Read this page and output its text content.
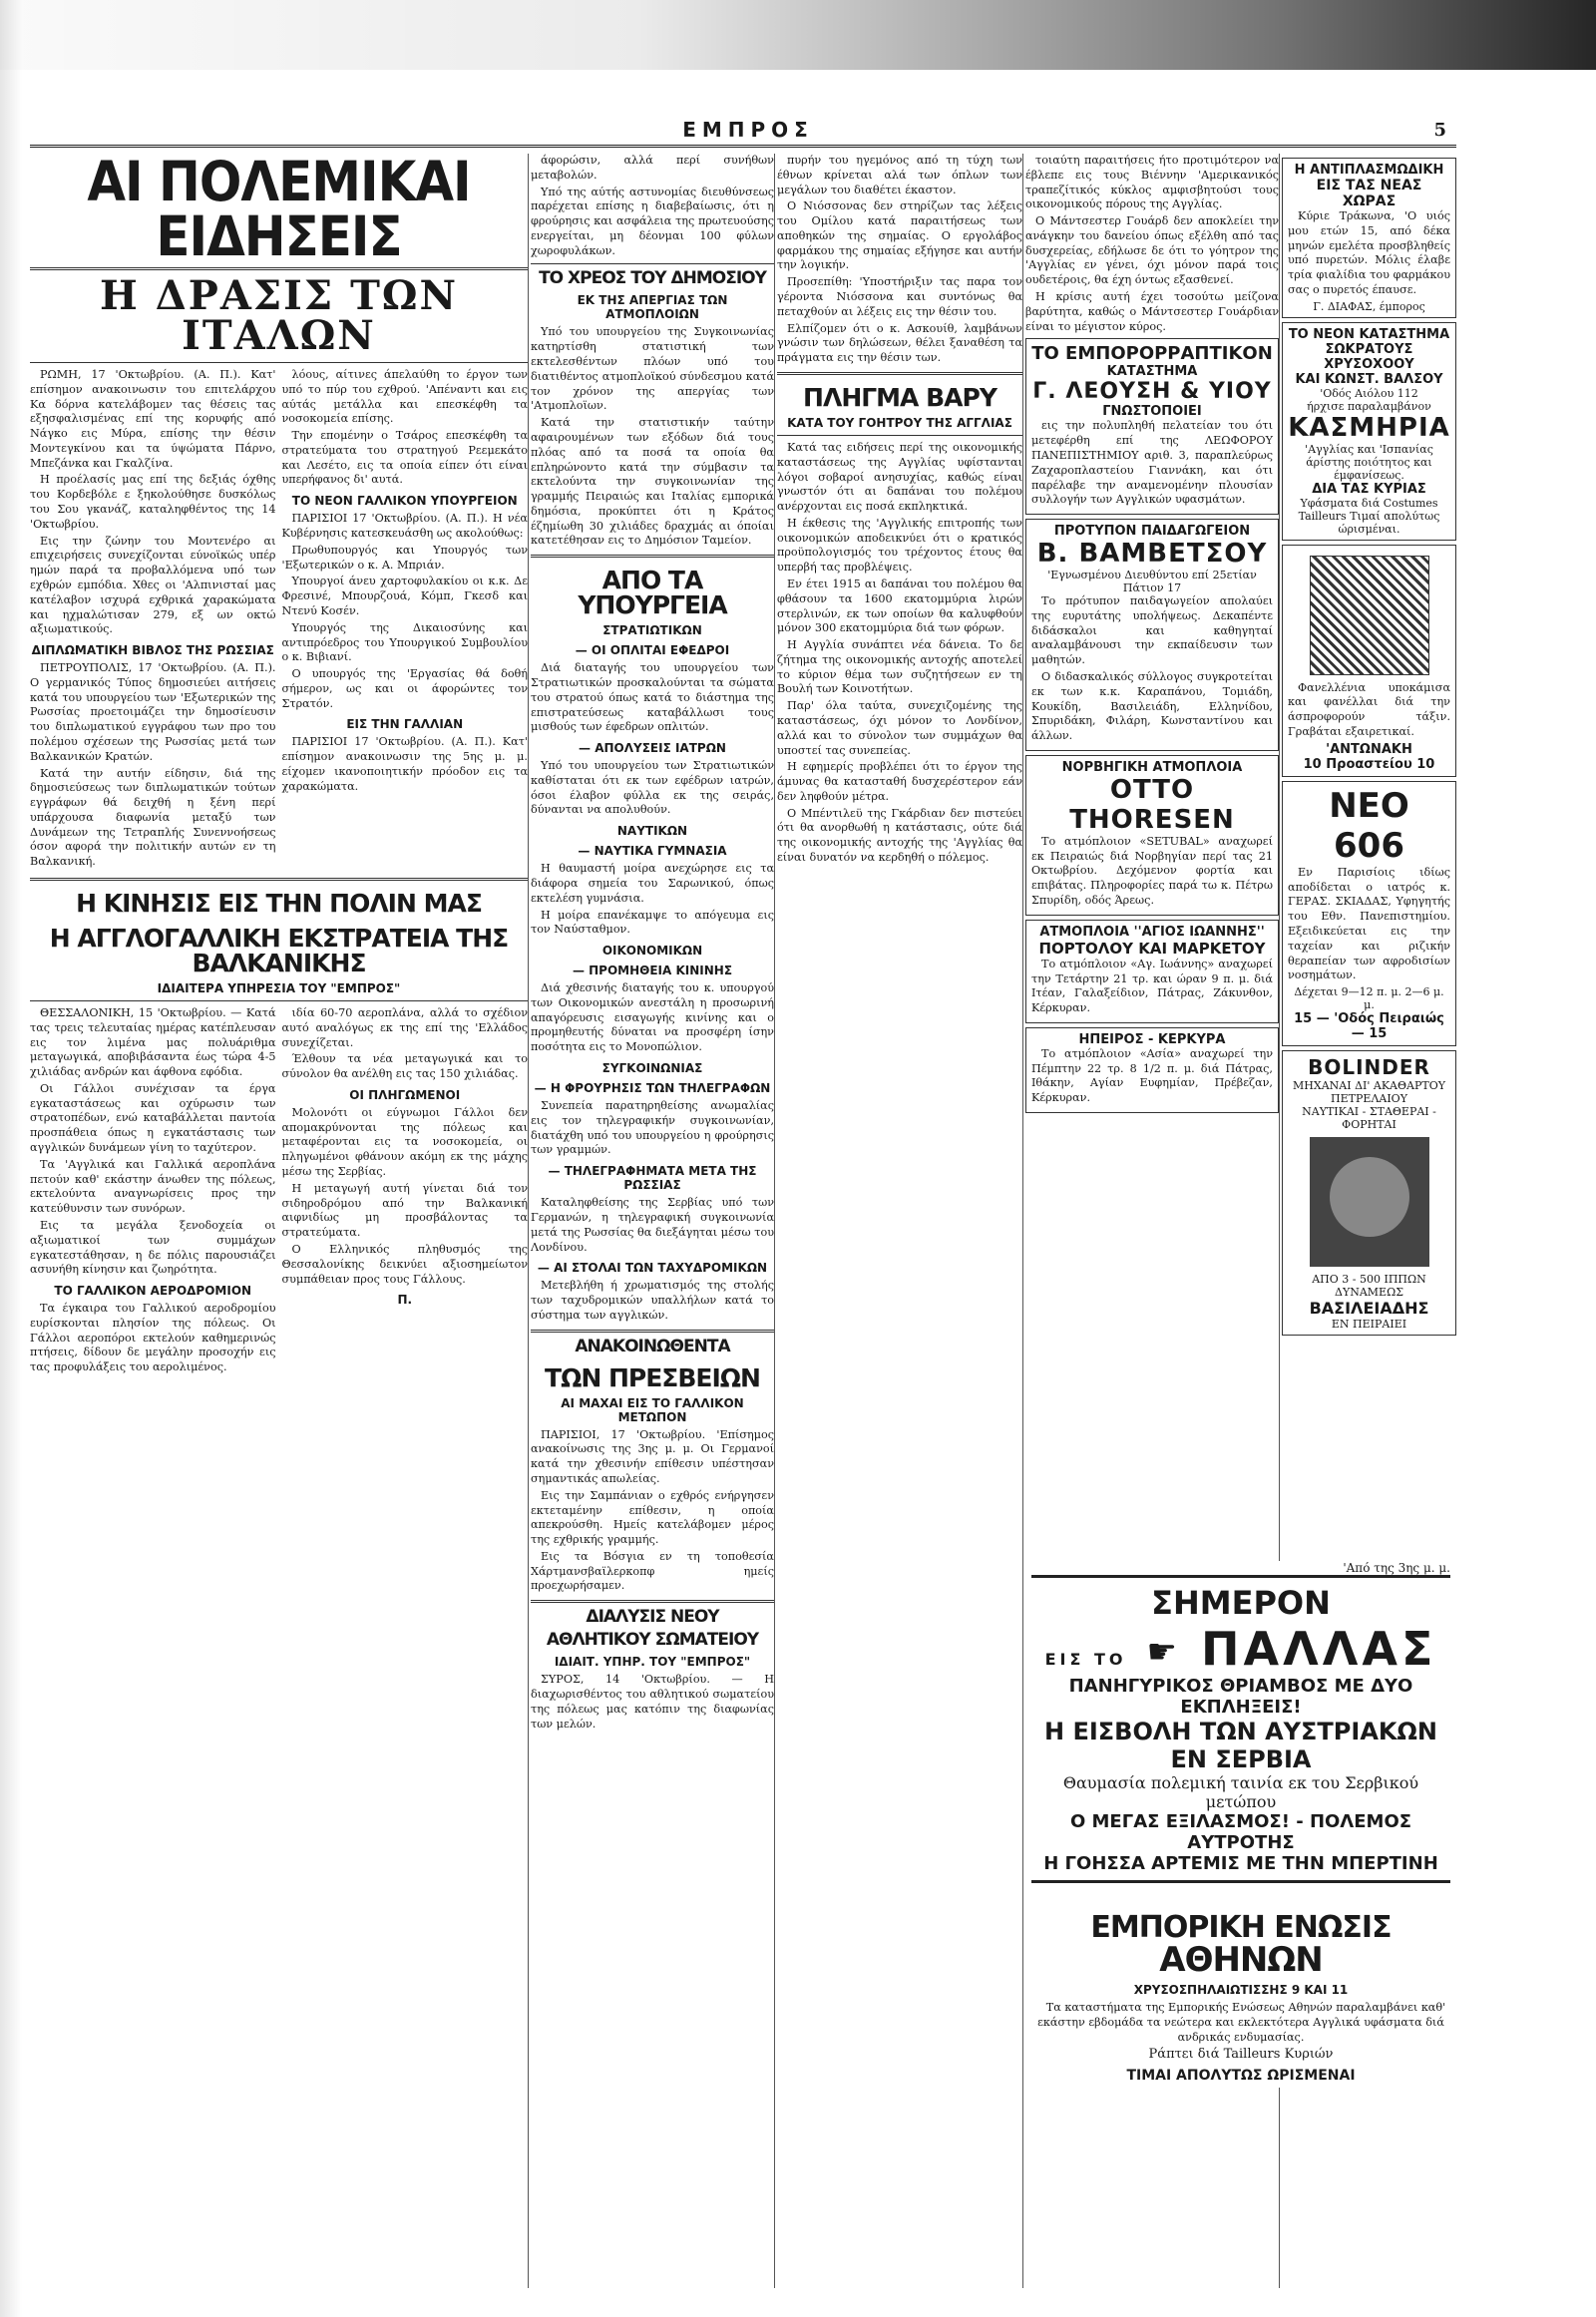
ΕΜΠΡΟΣ	5
ΑΙ ΠΟΛΕΜΙΚΑΙ ΕΙΔΗΣΕΙΣ
Η ΔΡΑΣΙΣ ΤΩΝ ΙΤΑΛΩΝ

ΡΩΜΗ, 17 'Οκτωβρίου. (Α. Π.). Κατ' επίσημον ανακοινωσιν του επιτελάρχου Κα δόρνα κατελάβομεν τας θέσεις τας εξησφαλισμένας επί της κορυφής από Νάγκο εις Μύρα, επίσης την θέσιν Μοντεγκίνου και τα ύψώματα Πάρνο, Μπεζάνκα και Γκαλζίνα.

Η προέλασίς μας επί της δεξιάς όχθης του Κορδεβόλε ε ξηκολούθησε δυσκόλως του Σου γκανάζ, καταληφθέντος της 14 'Οκτωβρίου.

Εις την ζώνην του Μοντενέρο αι επιχειρήσεις συνεχίζονται εύνοϊκώς υπέρ ημών παρά τα προβαλλόμενα υπό των εχθρών εμπόδια. Χθες οι 'Αλπινισταί μας κατέλαβον ισχυρά εχθρικά χαρακώματα και ηχμαλώτισαν 279, εξ ων οκτώ αξιωματικούς.

ΔΙΠΛΩΜΑΤΙΚΗ ΒΙΒΛΟΣ ΤΗΣ ΡΩΣΣΙΑΣ

ΠΕΤΡΟΥΠΟΛΙΣ, 17 'Οκτωβρίου. (Α. Π.). Ο γερμανικός Τύπος δημοσιεύει αιτήσεις κατά του υπουργείου των 'Εξωτερικών της Ρωσσίας προετοιμάζει την δημοσίευσιν του διπλωματικού εγγράφου των προ του πολέμου σχέσεων της Ρωσσίας μετά των Βαλκανικών Κρατών.

Κατά την αυτήν είδησιν, διά της δημοσιεύσεως των διπλωματικών τούτων εγγράφων θά δειχθή η ξένη περί υπάρχουσα διαφωνία μεταξύ των Δυνάμεων της Τετραπλής Συνεννοήσεως όσον αφορά την πολιτικήν αυτών εν τη Βαλκανική.

λόους, αίτινες άπελαύθη το έργον των υπό το πύρ του εχθρού. 'Απέναντι και εις αύτάς μετάλλα και επεσκέφθη τα νοσοκομεία επίσης.

Την επομένην ο Τσάρος επεσκέφθη τα στρατεύματα του στρατηγού Ρεεμεκάτο και Λεσέτο, εις τα οποία είπεν ότι είναι υπερήφανος δι' αυτά.

ΤΟ ΝΕΟΝ ΓΑΛΛΙΚΟΝ ΥΠΟΥΡΓΕΙΟΝ

ΠΑΡΙΣΙΟΙ 17 'Οκτωβρίου. (Α. Π.). Η νέα Κυβέρνησις κατεσκευάσθη ως ακολούθως:

Πρωθυπουργός και Υπουργός των 'Εξωτερικών ο κ. Α. Μπριάν.

Υπουργοί άνευ χαρτοφυλακίου οι κ.κ. Δε Φρεσινέ, Μπουρζουά, Κόμπ, Γκεσδ και Ντενύ Κοσέν.

Υπουργός της Δικαιοσύνης και αντιπρόεδρος του Υπουργικού Συμβουλίου ο κ. Βιβιανί.

Ο υπουργός της 'Εργασίας θά δοθή σήμερον, ως και οι άφορώντες τον Στρατόν.

ΕΙΣ ΤΗΝ ΓΑΛΛΙΑΝ

ΠΑΡΙΣΙΟΙ 17 'Οκτωβρίου. (Α. Π.). Κατ' επίσημον ανακοινωσιν της 5ης μ. μ. είχομεν ικανοποιητικήν πρόοδον εις τα χαρακώματα.

Η ΚΙΝΗΣΙΣ ΕΙΣ ΤΗΝ ΠΟΛΙΝ ΜΑΣ
Η ΑΓΓΛΟΓΑΛΛΙΚΗ ΕΚΣΤΡΑΤΕΙΑ ΤΗΣ ΒΑΛΚΑΝΙΚΗΣ
ΙΔΙΑΙΤΕΡΑ ΥΠΗΡΕΣΙΑ ΤΟΥ "ΕΜΠΡΟΣ"

ΘΕΣΣΑΛΟΝΙΚΗ, 15 'Οκτωβρίου. — Κατά τας τρεις τελευταίας ημέρας κατέπλευσαν εις τον λιμένα μας πολυάριθμα μεταγωγικά, αποβιβάσαντα έως τώρα 4-5 χιλιάδας ανδρών και άφθονα εφόδια.

Οι Γάλλοι συνέχισαν τα έργα εγκαταστάσεως και οχύρωσιν των στρατοπέδων, ενώ καταβάλλεται παντοία προσπάθεια όπως η εγκατάστασις των αγγλικών δυνάμεων γίνη το ταχύτερον.

Τα 'Αγγλικά και Γαλλικά αεροπλάνα πετούν καθ' εκάστην άνωθεν της πόλεως, εκτελούντα αναγνωρίσεις προς την κατεύθυνσιν των συνόρων.

Εις τα μεγάλα ξενοδοχεία οι αξιωματικοί των συμμάχων εγκατεστάθησαν, η δε πόλις παρουσιάζει ασυνήθη κίνησιν και ζωηρότητα.

ΤΟ ΓΑΛΛΙΚΟΝ ΑΕΡΟΔΡΟΜΙΟΝ

Τα έγκαιρα του Γαλλικού αεροδρομίου ευρίσκονται πλησίον της πόλεως. Οι Γάλλοι αεροπόροι εκτελούν καθημερινώς πτήσεις, δίδουν δε μεγάλην προσοχήν εις τας προφυλάξεις του αερολιμένος.

ιδία 60-70 αεροπλάνα, αλλά το σχέδιον αυτό αναλόγως εκ της επί της 'Ελλάδος συνεχίζεται.

Έλθουν τα νέα μεταγωγικά και το σύνολον θα ανέλθη εις τας 150 χιλιάδας.

ΟΙ ΠΛΗΓΩΜΕΝΟΙ

Μολονότι οι εύγνωμοι Γάλλοι δεν απομακρύνονται της πόλεως και μεταφέρονται εις τα νοσοκομεία, οι πληγωμένοι φθάνουν ακόμη εκ της μάχης μέσω της Σερβίας.

Η μεταγωγή αυτή γίνεται διά τον σιδηροδρόμου από την Βαλκανική αιφνιδίως μη προσβάλοντας τα στρατεύματα.

Ο Ελληνικός πληθυσμός της Θεσσαλονίκης δεικνύει αξιοσημείωτον συμπάθειαν προς τους Γάλλους.

Π.

άφορώσιν, αλλά περί συνήθων μεταβολών.

Υπό της αύτής αστυνομίας διευθύνσεως παρέχεται επίσης η διαβεβαίωσις, ότι η φρούρησις και ασφάλεια της πρωτευούσης ενεργείται, μη δέονμαι 100 φύλων χωροφυλάκων.

ΤΟ ΧΡΕΟΣ ΤΟΥ ΔΗΜΟΣΙΟΥ
ΕΚ ΤΗΣ ΑΠΕΡΓΙΑΣ ΤΩΝ ΑΤΜΟΠΛΟΙΩΝ

Υπό του υπουργείου της Συγκοινωνίας κατηρτίσθη στατιστική των εκτελεσθέντων πλόων υπό του διατιθέντος ατμοπλοϊκού σύνδεσμου κατά τον χρόνον της απεργίας των 'Ατμοπλοϊων.

Κατά την στατιστικήν ταύτην αφαιρουμένων των εξόδων διά τους πλόας από τα ποσά τα οποία θα επληρώνοντο κατά την σύμβασιν τα εκτελούντα την συγκοινωνίαν της γραμμής Πειραιώς και Ιταλίας εμπορικά δημόσια, προκύπτει ότι η Κράτος έζημίωθη 30 χιλιάδες δραχμάς αι όποίαι κατετέθησαν εις το Δημόσιον Ταμείον.

ΑΠΟ ΤΑ ΥΠΟΥΡΓΕΙΑ
ΣΤΡΑΤΙΩΤΙΚΩΝ
— ΟΙ ΟΠΛΙΤΑΙ ΕΦΕΔΡΟΙ

Διά διαταγής του υπουργείου των Στρατιωτικών προσκαλούνται τα σώματα του στρατού όπως κατά το διάστημα της επιστρατεύσεως καταβάλλωσι τους μισθούς των έφεδρων οπλιτών.

— ΑΠΟΛΥΣΕΙΣ ΙΑΤΡΩΝ

Υπό του υπουργείου των Στρατιωτικών καθίσταται ότι εκ των εφέδρων ιατρών, όσοι έλαβον φύλλα εκ της σειράς, δύνανται να απολυθούν.

ΝΑΥΤΙΚΩΝ
— ΝΑΥΤΙΚΑ ΓΥΜΝΑΣΙΑ

Η θαυμαστή μοίρα ανεχώρησε εις τα διάφορα σημεία του Σαρωνικού, όπως εκτελέση γυμνάσια.

Η μοίρα επανέκαμψε το απόγευμα εις τον Ναύσταθμον.

ΟΙΚΟΝΟΜΙΚΩΝ
— ΠΡΟΜΗΘΕΙΑ ΚΙΝΙΝΗΣ

Διά χθεσινής διαταγής του κ. υπουργού των Οικονομικών ανεστάλη η προσωρινή απαγόρευσις εισαγωγής κινίνης και ο προμηθευτής δύναται να προσφέρη ίσην ποσότητα εις το Μονοπώλιον.

ΣΥΓΚΟΙΝΩΝΙΑΣ
— Η ΦΡΟΥΡΗΣΙΣ ΤΩΝ ΤΗΛΕΓΡΑΦΩΝ

Συνεπεία παρατηρηθείσης ανωμαλίας εις τον τηλεγραφικήν συγκοινωνίαν, διατάχθη υπό του υπουργείου η φρούρησις των γραμμών.

— ΤΗΛΕΓΡΑΦΗΜΑΤΑ ΜΕΤΑ ΤΗΣ ΡΩΣΣΙΑΣ

Καταληφθείσης της Σερβίας υπό των Γερμανών, η τηλεγραφική συγκοινωνία μετά της Ρωσσίας θα διεξάγηται μέσω του Λονδίνου.

— ΑΙ ΣΤΟΛΑΙ ΤΩΝ ΤΑΧΥΔΡΟΜΙΚΩΝ

Μετεβλήθη ή χρωματισμός της στολής των ταχυδρομικών υπαλλήλων κατά το σύστημα των αγγλικών.

ΑΝΑΚΟΙΝΩΘΕΝΤΑ
ΤΩΝ ΠΡΕΣΒΕΙΩΝ
ΑΙ ΜΑΧΑΙ ΕΙΣ ΤΟ ΓΑΛΛΙΚΟΝ ΜΕΤΩΠΟΝ

ΠΑΡΙΣΙΟΙ, 17 'Οκτωβρίου. 'Επίσημος ανακοίνωσις της 3ης μ. μ. Οι Γερμανοί κατά την χθεσινήν επίθεσιν υπέστησαν σημαντικάς απωλείας.

Εις την Σαμπάνιαν ο εχθρός ενήργησεν εκτεταμένην επίθεσιν, η οποία απεκρούσθη. Ημείς κατελάβομεν μέρος της εχθρικής γραμμής.

Εις τα Βόσγια εν τη τοποθεσία Χάρτμανσβαϊλερκοπφ ημείς προεχωρήσαμεν.

ΔΙΑΛΥΣΙΣ ΝΕΟΥ
ΑΘΛΗΤΙΚΟΥ ΣΩΜΑΤΕΙΟΥ
ΙΔΙΑΙΤ. ΥΠΗΡ. ΤΟΥ "ΕΜΠΡΟΣ"

ΣΥΡΟΣ, 14 'Οκτωβρίου. — Η διαχωρισθέντος του αθλητικού σωματείου της πόλεως μας κατόπιν της διαφωνίας των μελών.

πυρήν του ηγεμόνος από τη τύχη των έθνων κρίνεται αλά των όπλων των μεγάλων του διαθέτει έκαστον.

Ο Νιόσσονας δεν στηρίζων τας λέξεις του Ομίλου κατά παραιτήσεως των αποθηκών της σημαίας. Ο εργολάβος φαρμάκου της σημαίας εξήγησε και αυτήν την λογικήν.

Προσεπίθη: 'Υποστήριξιν τας παρα τον γέροντα Νιόσσονα και συντόνως θα πεταχθούν αι λέξεις εις την θέσιν του.

Ελπίζομεν ότι ο κ. Ασκουίθ, λαμβάνων γνώσιν των δηλώσεων, θέλει ξαναθέση τα πράγματα εις την θέσιν των.

ΠΛΗΓΜΑ ΒΑΡΥ
ΚΑΤΑ ΤΟΥ ΓΟΗΤΡΟΥ ΤΗΣ ΑΓΓΛΙΑΣ

Κατά τας ειδήσεις περί της οικονομικής καταστάσεως της Αγγλίας υφίστανται λόγοι σοβαροί ανησυχίας, καθώς είναι γνωστόν ότι αι δαπάναι του πολέμου ανέρχονται εις ποσά εκπληκτικά.

Η έκθεσις της 'Αγγλικής επιτροπής των οικονομικών αποδεικνύει ότι ο κρατικός προϋπολογισμός του τρέχοντος έτους θα υπερβή τας προβλέψεις.

Εν έτει 1915 αι δαπάναι του πολέμου θα φθάσουν τα 1600 εκατομμύρια λιρών στερλινών, εκ των οποίων θα καλυφθούν μόνον 300 εκατομμύρια διά των φόρων.

Η Αγγλία συνάπτει νέα δάνεια. Το δε ζήτημα της οικονομικής αντοχής αποτελεί το κύριον θέμα των συζητήσεων εν τη Βουλή των Κοινοτήτων.

Παρ' όλα ταύτα, συνεχιζομένης της καταστάσεως, όχι μόνον το Λονδίνον, αλλά και το σύνολον των συμμάχων θα υποστεί τας συνεπείας.

Η εφημερίς προβλέπει ότι το έργον της άμυνας θα κατασταθή δυσχερέστερον εάν δεν ληφθούν μέτρα.

Ο Μπέντιλεϋ της Γκάρδιαν δεν πιστεύει ότι θα ανορθωθή η κατάστασις, ούτε διά της οικονομικής αντοχής της 'Αγγλίας θα είναι δυνατόν να κερδηθή ο πόλεμος.

τοιαύτη παραιτήσεις ήτο προτιμότερον να έβλεπε εις τους Βιέννην 'Αμερικανικός τραπεζίτικός κύκλος αμφισβητούσι τους οικονομικούς πόρους της Αγγλίας.

Ο Μάντσεστερ Γουάρδ δεν αποκλείει την ανάγκην του δανείου όπως εξέλθη από τας δυσχερείας, εδήλωσε δε ότι το γόητρον της 'Αγγλίας εν γένει, όχι μόνον παρά τοις ουδετέροις, θα έχη όντως εξασθενεί.

Η κρίσις αυτή έχει τοσούτω μείζονα βαρύτητα, καθώς ο Μάντσεστερ Γουάρδιαν είναι το μέγιστον κύρος.

ΤΟ ΕΜΠΟΡΟΡΡΑΠΤΙΚΟΝ
ΚΑΤΑΣΤΗΜΑ
Γ. ΛΕΟΥΣΗ & ΥΙΟΥ
ΓΝΩΣΤΟΠΟΙΕΙ

εις την πολυπληθή πελατείαν του ότι μετεφέρθη επί της ΛΕΩΦΟΡΟΥ ΠΑΝΕΠΙΣΤΗΜΙΟΥ αριθ. 3, παραπλεύρως Ζαχαροπλαστείου Γιαννάκη, και ότι παρέλαβε την αναμενομένην πλουσίαν συλλογήν των Αγγλικών υφασμάτων.

ΠΡΟΤΥΠΟΝ ΠΑΙΔΑΓΩΓΕΙΟΝ
Β. ΒΑΜΒΕΤΣΟΥ
'Εγνωσμένου Διευθύντου επί 25ετίαν
Πάτιον 17

Το πρότυπον παιδαγωγείον απολαύει της ευρυτάτης υπολήψεως. Δεκαπέντε διδάσκαλοι και καθηγηταί αναλαμβάνουσι την εκπαίδευσιν των μαθητών.

Ο διδασκαλικός σύλλογος συγκροτείται εκ των κ.κ. Καραπάνου, Τομιάδη, Κουκίδη, Βασιλειάδη, Ελληνίδου, Σπυριδάκη, Φιλάρη, Κωνσταντίνου και άλλων.

ΝΟΡΒΗΓΙΚΗ ΑΤΜΟΠΛΟΙΑ
OTTO THORESEN

Το ατμόπλοιον «SETUBAL» αναχωρεί εκ Πειραιώς διά Νορβηγίαν περί τας 21 Οκτωβρίου. Δεχόμενον φορτία και επιβάτας. Πληροφορίες παρά τω κ. Πέτρω Σπυρίδη, οδός Άρεως.

ΑΤΜΟΠΛΟΙΑ ''ΑΓΙΟΣ ΙΩΑΝΝΗΣ''
ΠΟΡΤΟΛΟΥ ΚΑΙ ΜΑΡΚΕΤΟΥ

Το ατμόπλοιον «Αγ. Ιωάννης» αναχωρεί την Τετάρτην 21 τρ. και ώραν 9 π. μ. διά Ιτέαν, Γαλαξείδιον, Πάτρας, Ζάκυνθον, Κέρκυραν.

ΗΠΕΙΡΟΣ - ΚΕΡΚΥΡΑ

Το ατμόπλοιον «Ασία» αναχωρεί την Πέμπτην 22 τρ. 8 1/2 π. μ. διά Πάτρας, Ιθάκην, Αγίαν Ευφημίαν, Πρέβεζαν, Κέρκυραν.

Η ΑΝΤΙΠΛΑΣΜΩΔΙΚΗ
ΕΙΣ ΤΑΣ ΝΕΑΣ ΧΩΡΑΣ

Κύριε Τράκωνα, 'Ο υιός μου ετών 15, από δέκα μηνών εμελέτα προσβληθείς υπό πυρετών. Μόλις έλαβε τρία φιαλίδια του φαρμάκου σας ο πυρετός έπαυσε.

Γ. ΔΙΑΦΑΣ, έμπορος
ΤΟ ΝΕΟΝ ΚΑΤΑΣΤΗΜΑ
ΣΩΚΡΑΤΟΥΣ ΧΡΥΣΟΧΟΟΥ
ΚΑΙ ΚΩΝΣΤ. ΒΑΛΣΟΥ
'Οδός Αιόλου 112
ήρχισε παραλαμβάνον
ΚΑΣΜΗΡΙΑ
'Αγγλίας και 'Ισπανίας άρίστης ποιότητος και έμφανίσεως.
ΔΙΑ ΤΑΣ ΚΥΡΙΑΣ
Υφάσματα διά Costumes Tailleurs Τιμαί απολύτως ώρισμέναι.

Φανελλένια υποκάμισα και φανέλλαι διά την άσπροφορούν τάξιν. Γραβάται εξαιρετικαί.

'ΑΝΤΩΝΑΚΗ
10 Προαστείου 10
ΝΕΟ 606

Εν Παρισίοις ιδίως αποδίδεται ο ιατρός κ. ΓΕΡΑΣ. ΣΚΙΑΔΑΣ, Υφηγητής του Εθν. Πανεπιστημίου. Εξειδικεύεται εις την ταχείαν και ριζικήν θεραπείαν των αφροδισίων νοσημάτων.

Δέχεται 9—12 π. μ. 2—6 μ. μ.
15 — 'Οδός Πειραιώς — 15
BOLINDER
ΜΗΧΑΝΑΙ ΔΙ' ΑΚΑΘΑΡΤΟΥ ΠΕΤΡΕΛΑΙΟΥ
ΝΑΥΤΙΚΑΙ - ΣΤΑΘΕΡΑΙ - ΦΟΡΗΤΑΙ
ΑΠΟ 3 - 500 ΙΠΠΩΝ ΔΥΝΑΜΕΩΣ
ΒΑΣΙΛΕΙΑΔΗΣ
ΕΝ ΠΕΙΡΑΙΕΙ
'Από της 3ης μ. μ.
ΣΗΜΕΡΟΝ
ΕΙΣ ΤΟ ☛ ΠΑΛΛΑΣ
ΠΑΝΗΓΥΡΙΚΟΣ ΘΡΙΑΜΒΟΣ ΜΕ ΔΥΟ ΕΚΠΛΗΞΕΙΣ!
Η ΕΙΣΒΟΛΗ ΤΩΝ ΑΥΣΤΡΙΑΚΩΝ ΕΝ ΣΕΡΒΙΑ
Θαυμασία πολεμική ταινία εκ του Σερβικού μετώπου
Ο ΜΕΓΑΣ ΕΞΙΛΑΣΜΟΣ! - ΠΟΛΕΜΟΣ ΑΥΤΡΟΤΗΣ
Η ΓΟΗΣΣΑ ΑΡΤΕΜΙΣ ΜΕ ΤΗΝ ΜΠΕΡΤΙΝΗ
ΕΜΠΟΡΙΚΗ ΕΝΩΣΙΣ
ΑΘΗΝΩΝ
ΧΡΥΣΟΣΠΗΛΑΙΩΤΙΣΣΗΣ 9 ΚΑΙ 11

Τα καταστήματα της Εμπορικής Ενώσεως Αθηνών παραλαμβάνει καθ' εκάστην εβδομάδα τα νεώτερα και εκλεκτότερα Αγγλικά υφάσματα διά ανδρικάς ενδυμασίας.

Ράπτει διά Tailleurs Κυριών
ΤΙΜΑΙ ΑΠΟΛΥΤΩΣ ΩΡΙΣΜΕΝΑΙ
